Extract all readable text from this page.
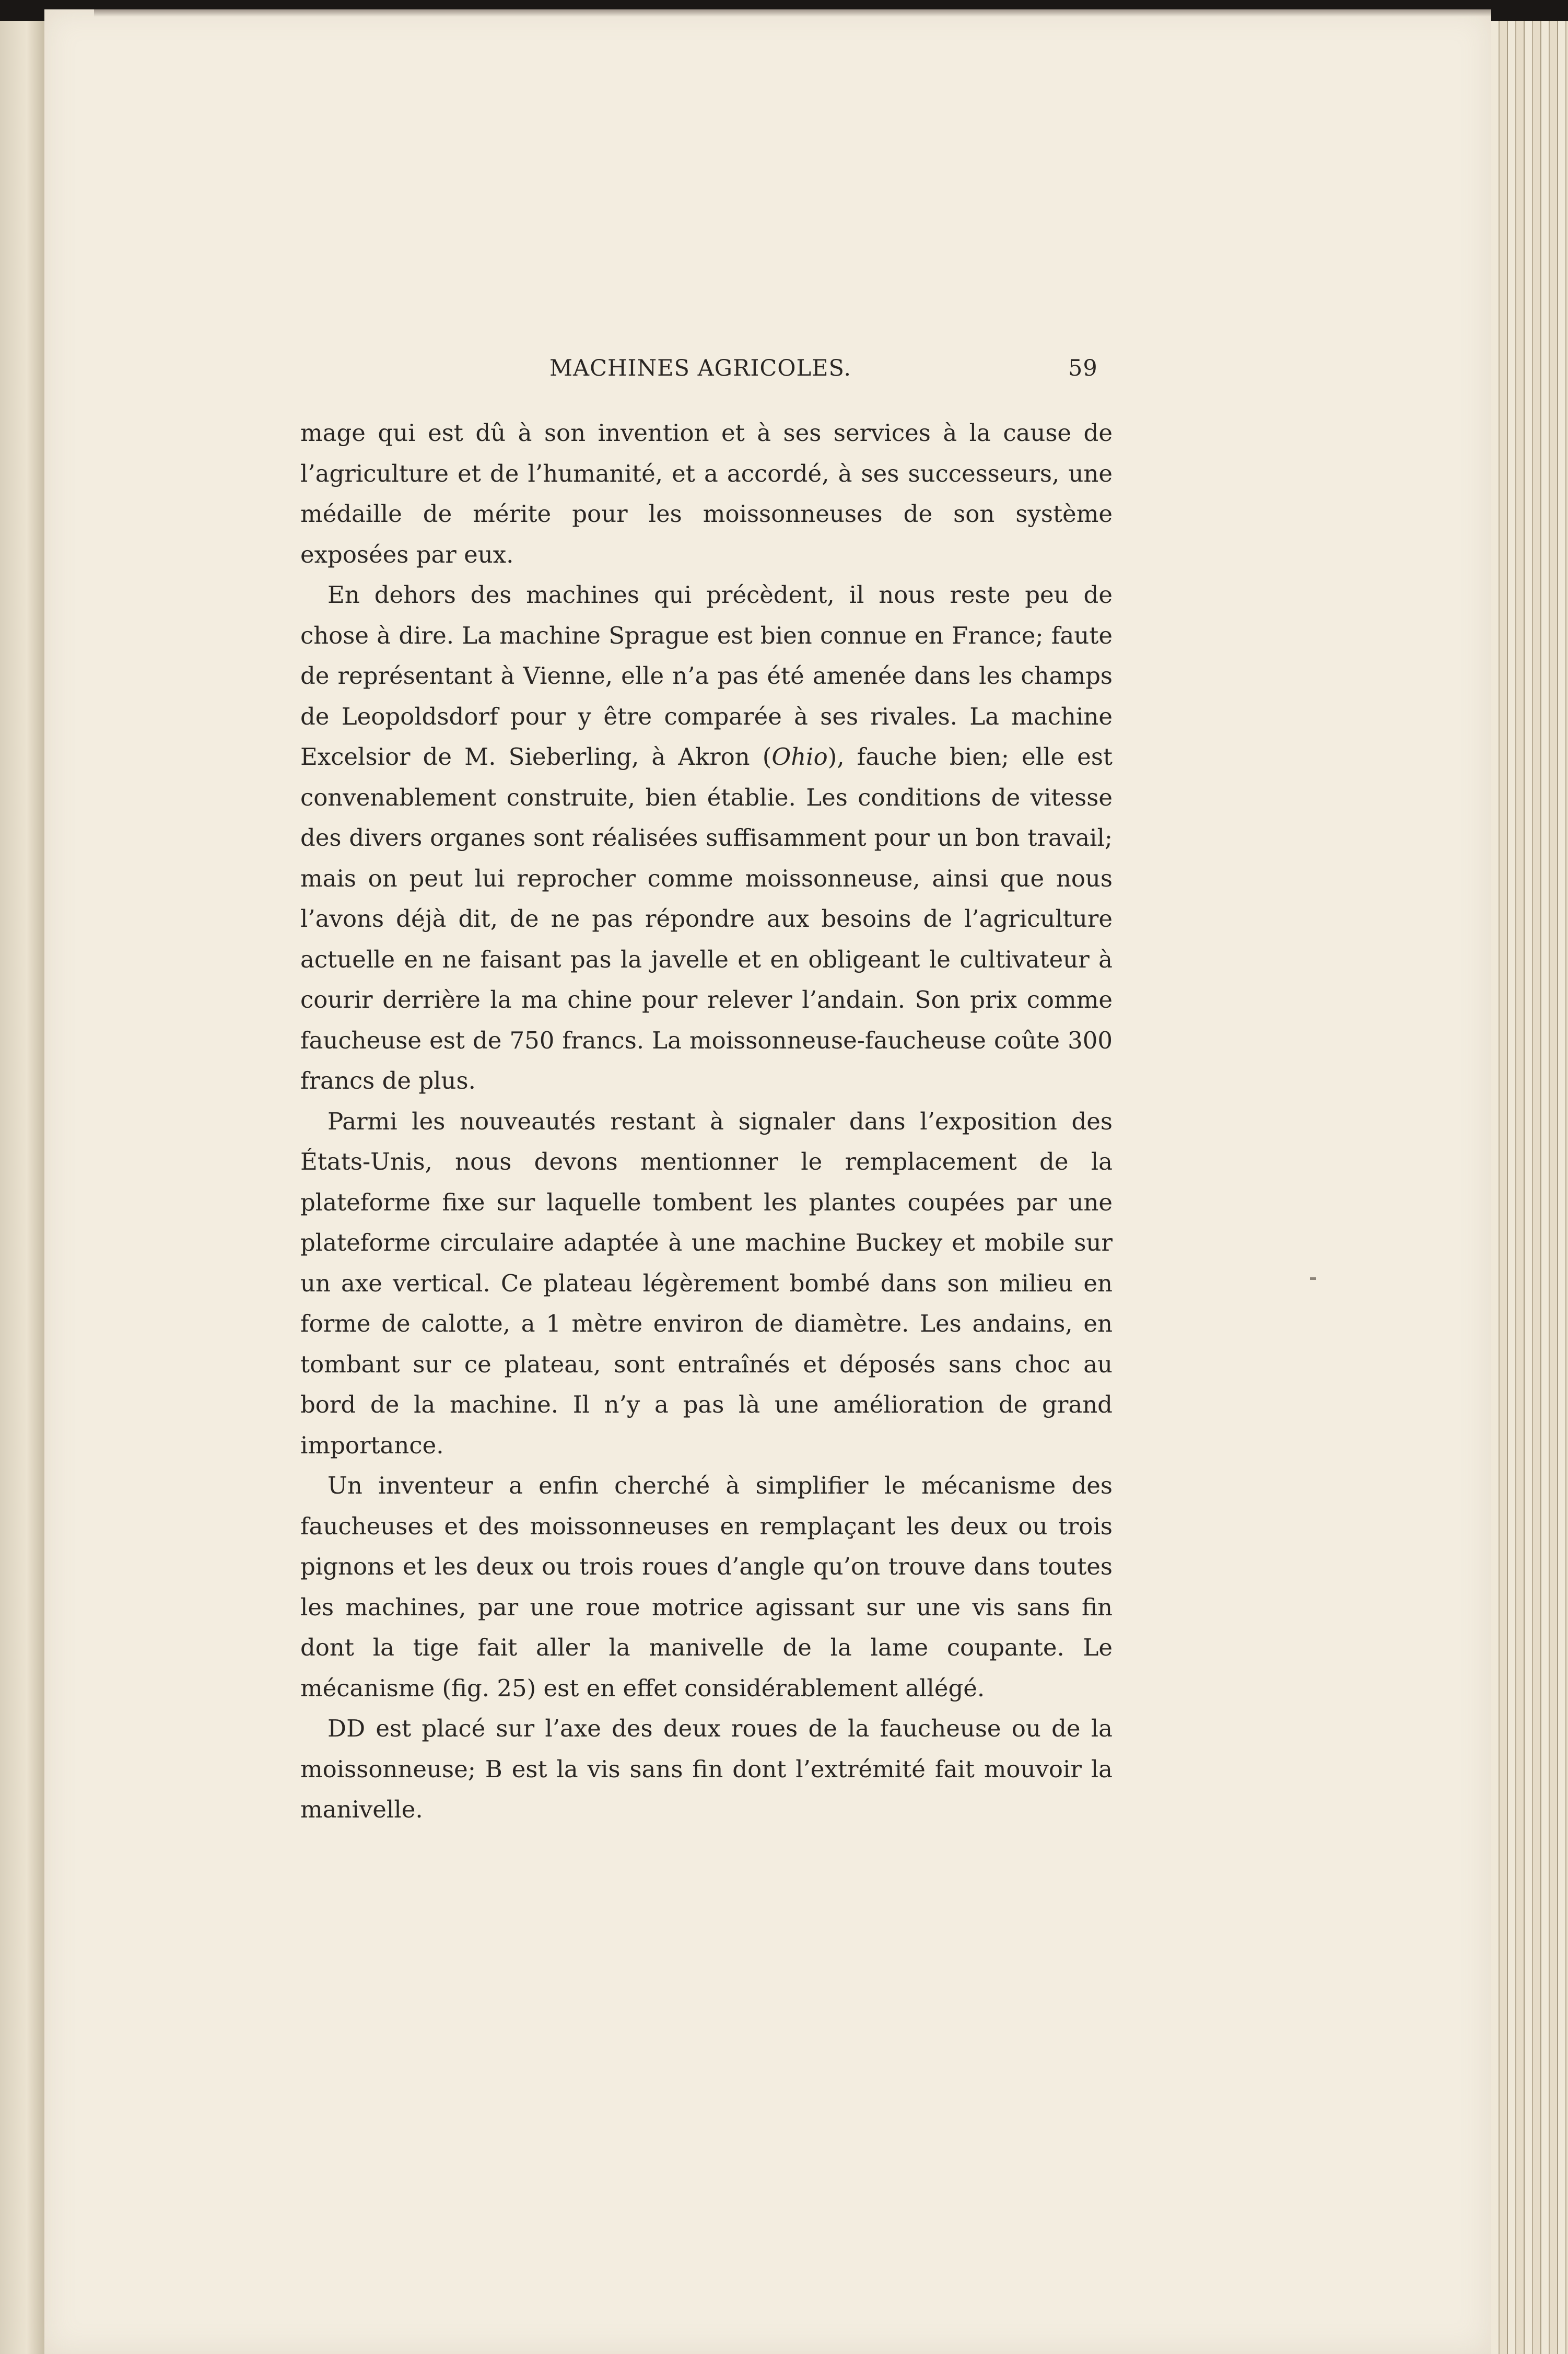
MACHINES AGRICOLES.	59

mage qui est dû à son invention et à ses services à la cause de l’agriculture et de l’humanité, et a accordé, à ses successeurs, une médaille de mérite pour les moissonneuses de son système exposées par eux.

En dehors des machines qui précèdent, il nous reste peu de chose à dire. La machine Sprague est bien connue en France; faute de représentant à Vienne, elle n’a pas été amenée dans les champs de Leopoldsdorf pour y être comparée à ses rivales. La machine Excelsior de M. Sieberling, à Akron (Ohio), fauche bien; elle est convenablement construite, bien établie. Les conditions de vitesse des divers organes sont réalisées suffisamment pour un bon travail; mais on peut lui reprocher comme moissonneuse, ainsi que nous l’avons déjà dit, de ne pas répondre aux besoins de l’agriculture actuelle en ne faisant pas la javelle et en obligeant le cultivateur à courir derrière la ma chine pour relever l’andain. Son prix comme faucheuse est de 750 francs. La moissonneuse-faucheuse coûte 300 francs de plus.

Parmi les nouveautés restant à signaler dans l’exposition des États-Unis, nous devons mentionner le remplacement de la plateforme fixe sur laquelle tombent les plantes coupées par une plateforme circulaire adaptée à une machine Buckey et mobile sur un axe vertical. Ce plateau légèrement bombé dans son milieu en forme de calotte, a 1 mètre environ de diamètre. Les andains, en tombant sur ce plateau, sont entraînés et déposés sans choc au bord de la machine. Il n’y a pas là une amélioration de grand importance.

Un inventeur a enfin cherché à simplifier le mécanisme des faucheuses et des moissonneuses en remplaçant les deux ou trois pignons et les deux ou trois roues d’angle qu’on trouve dans toutes les machines, par une roue motrice agissant sur une vis sans fin dont la tige fait aller la manivelle de la lame coupante. Le mécanisme (fig. 25) est en effet considérablement allégé.

DD est placé sur l’axe des deux roues de la faucheuse ou de la moissonneuse; B est la vis sans fin dont l’extrémité fait mouvoir la manivelle.
